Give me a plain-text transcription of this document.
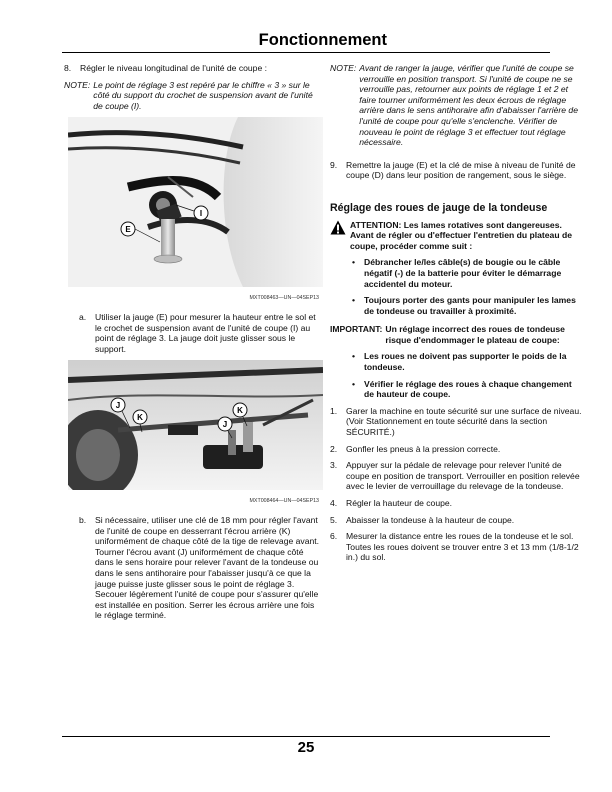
Fonctionnement
8.	Régler le niveau longitudinal de l'unité de coupe :
NOTE: Le point de réglage 3 est repéré par le chiffre « 3 » sur le côté du support du crochet de suspension avant de l'unité de coupe (I).
E
I
MXT008463—UN—04SEP13
a.	Utiliser la jauge (E) pour mesurer la hauteur entre le sol et le crochet de suspension avant de l'unité de coupe (I) au point de réglage 3. La jauge doit juste glisser sous le support.
J
K
J
K
MXT008464—UN—04SEP13
b.	Si nécessaire, utiliser une clé de 18 mm pour régler l'avant de l'unité de coupe en desserrant l'écrou arrière (K) uniformément de chaque côté de la tige de relevage avant. Tourner l'écrou avant (J) uniformément de chaque côté dans le sens horaire pour relever l'avant de la tondeuse ou dans le sens antihoraire pour l'abaisser jusqu'à ce que la jauge puisse juste glisser sous le point de réglage 3. Secouer légèrement l'unité de coupe pour s'assurer qu'elle est installée en position. Serrer les écrous arrière une fois le réglage terminé.
NOTE: Avant de ranger la jauge, vérifier que l'unité de coupe se verrouille en position transport. Si l'unité de coupe ne se verrouille pas, retourner aux points de réglage 1 et 2 et faire tourner uniformément les deux écrous de réglage arrière dans le sens antihoraire afin d'abaisser l'arrière de l'unité de coupe pour qu'elle s'enclenche. Vérifier de nouveau le point de réglage 3 et effectuer tout réglage nécessaire.
9.	Remettre la jauge (E) et la clé de mise à niveau de l'unité de coupe (D) dans leur position de rangement, sous le siège.
Réglage des roues de jauge de la tondeuse
ATTENTION: Les lames rotatives sont dangereuses. Avant de régler ou d'effectuer l'entretien du plateau de coupe, procéder comme suit :
•	Débrancher le/les câble(s) de bougie ou le câble négatif (-) de la batterie pour éviter le démarrage accidentel du moteur.
•	Toujours porter des gants pour manipuler les lames de tondeuse ou travailler à proximité.
IMPORTANT: Un réglage incorrect des roues de tondeuse risque d'endommager le plateau de coupe:
•	Les roues ne doivent pas supporter le poids de la tondeuse.
•	Vérifier le réglage des roues à chaque changement de hauteur de coupe.
1.	Garer la machine en toute sécurité sur une surface de niveau. (Voir Stationnement en toute sécurité dans la section SÉCURITÉ.)
2.	Gonfler les pneus à la pression correcte.
3.	Appuyer sur la pédale de relevage pour relever l'unité de coupe en position de transport. Verrouiller en position relevée avec le levier de verrouillage du relevage de la tondeuse.
4.	Régler la hauteur de coupe.
5.	Abaisser la tondeuse à la hauteur de coupe.
6.	Mesurer la distance entre les roues de la tondeuse et le sol. Toutes les roues doivent se trouver entre 3 et 13 mm (1/8-1/2 in.) du sol.
25
